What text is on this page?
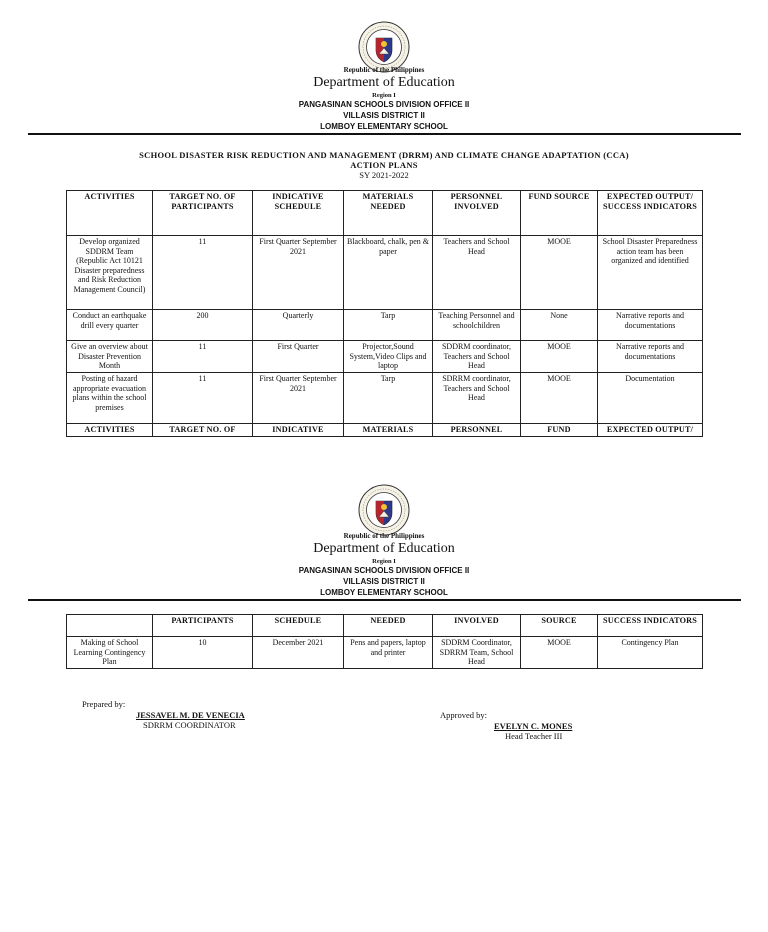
Republic of the Philippines
Department of Education
Region I
PANGASINAN SCHOOLS DIVISION OFFICE II
VILLASIS DISTRICT II
LOMBOY ELEMENTARY SCHOOL
SCHOOL DISASTER RISK REDUCTION AND MANAGEMENT (DRRM) AND CLIMATE CHANGE ADAPTATION (CCA)
ACTION PLANS
SY 2021-2022
ACTIVITIES	TARGET NO. OF PARTICIPANTS	INDICATIVE SCHEDULE	MATERIALS NEEDED	PERSONNEL INVOLVED	FUND SOURCE	EXPECTED OUTPUT/ SUCCESS INDICATORS
Develop organized SDDRM Team (Republic Act 10121 Disaster preparedness and Risk Reduction Management Council)	11	First Quarter September 2021	Blackboard, chalk, pen & paper	Teachers and School Head	MOOE	School Disaster Preparedness action team has been organized and identified
Conduct an earthquake drill every quarter	200	Quarterly	Tarp	Teaching Personnel and schoolchildren	None	Narrative reports and documentations
Give an overview about Disaster Prevention Month	11	First Quarter	Projector,Sound System,Video Clips and laptop	SDDRM coordinator, Teachers and School Head	MOOE	Narrative reports and documentations
Posting of hazard appropriate evacuation plans within the school premises	11	First Quarter September 2021	Tarp	SDRRM coordinator, Teachers and School Head	MOOE	Documentation
ACTIVITIES	TARGET NO. OF	INDICATIVE	MATERIALS	PERSONNEL	FUND	EXPECTED OUTPUT/
Republic of the Philippines
Department of Education
Region I
PANGASINAN SCHOOLS DIVISION OFFICE II
VILLASIS DISTRICT II
LOMBOY ELEMENTARY SCHOOL
	PARTICIPANTS	SCHEDULE	NEEDED	INVOLVED	SOURCE	SUCCESS INDICATORS
Making of School Learning Contingency Plan	10	December 2021	Pens and papers, laptop and printer	SDDRM Coordinator, SDRRM Team, School Head	MOOE	Contingency Plan
Prepared by:
JESSAVEL M. DE VENECIA
SDRRM COORDINATOR
Approved by:
EVELYN C. MONES
Head Teacher III
